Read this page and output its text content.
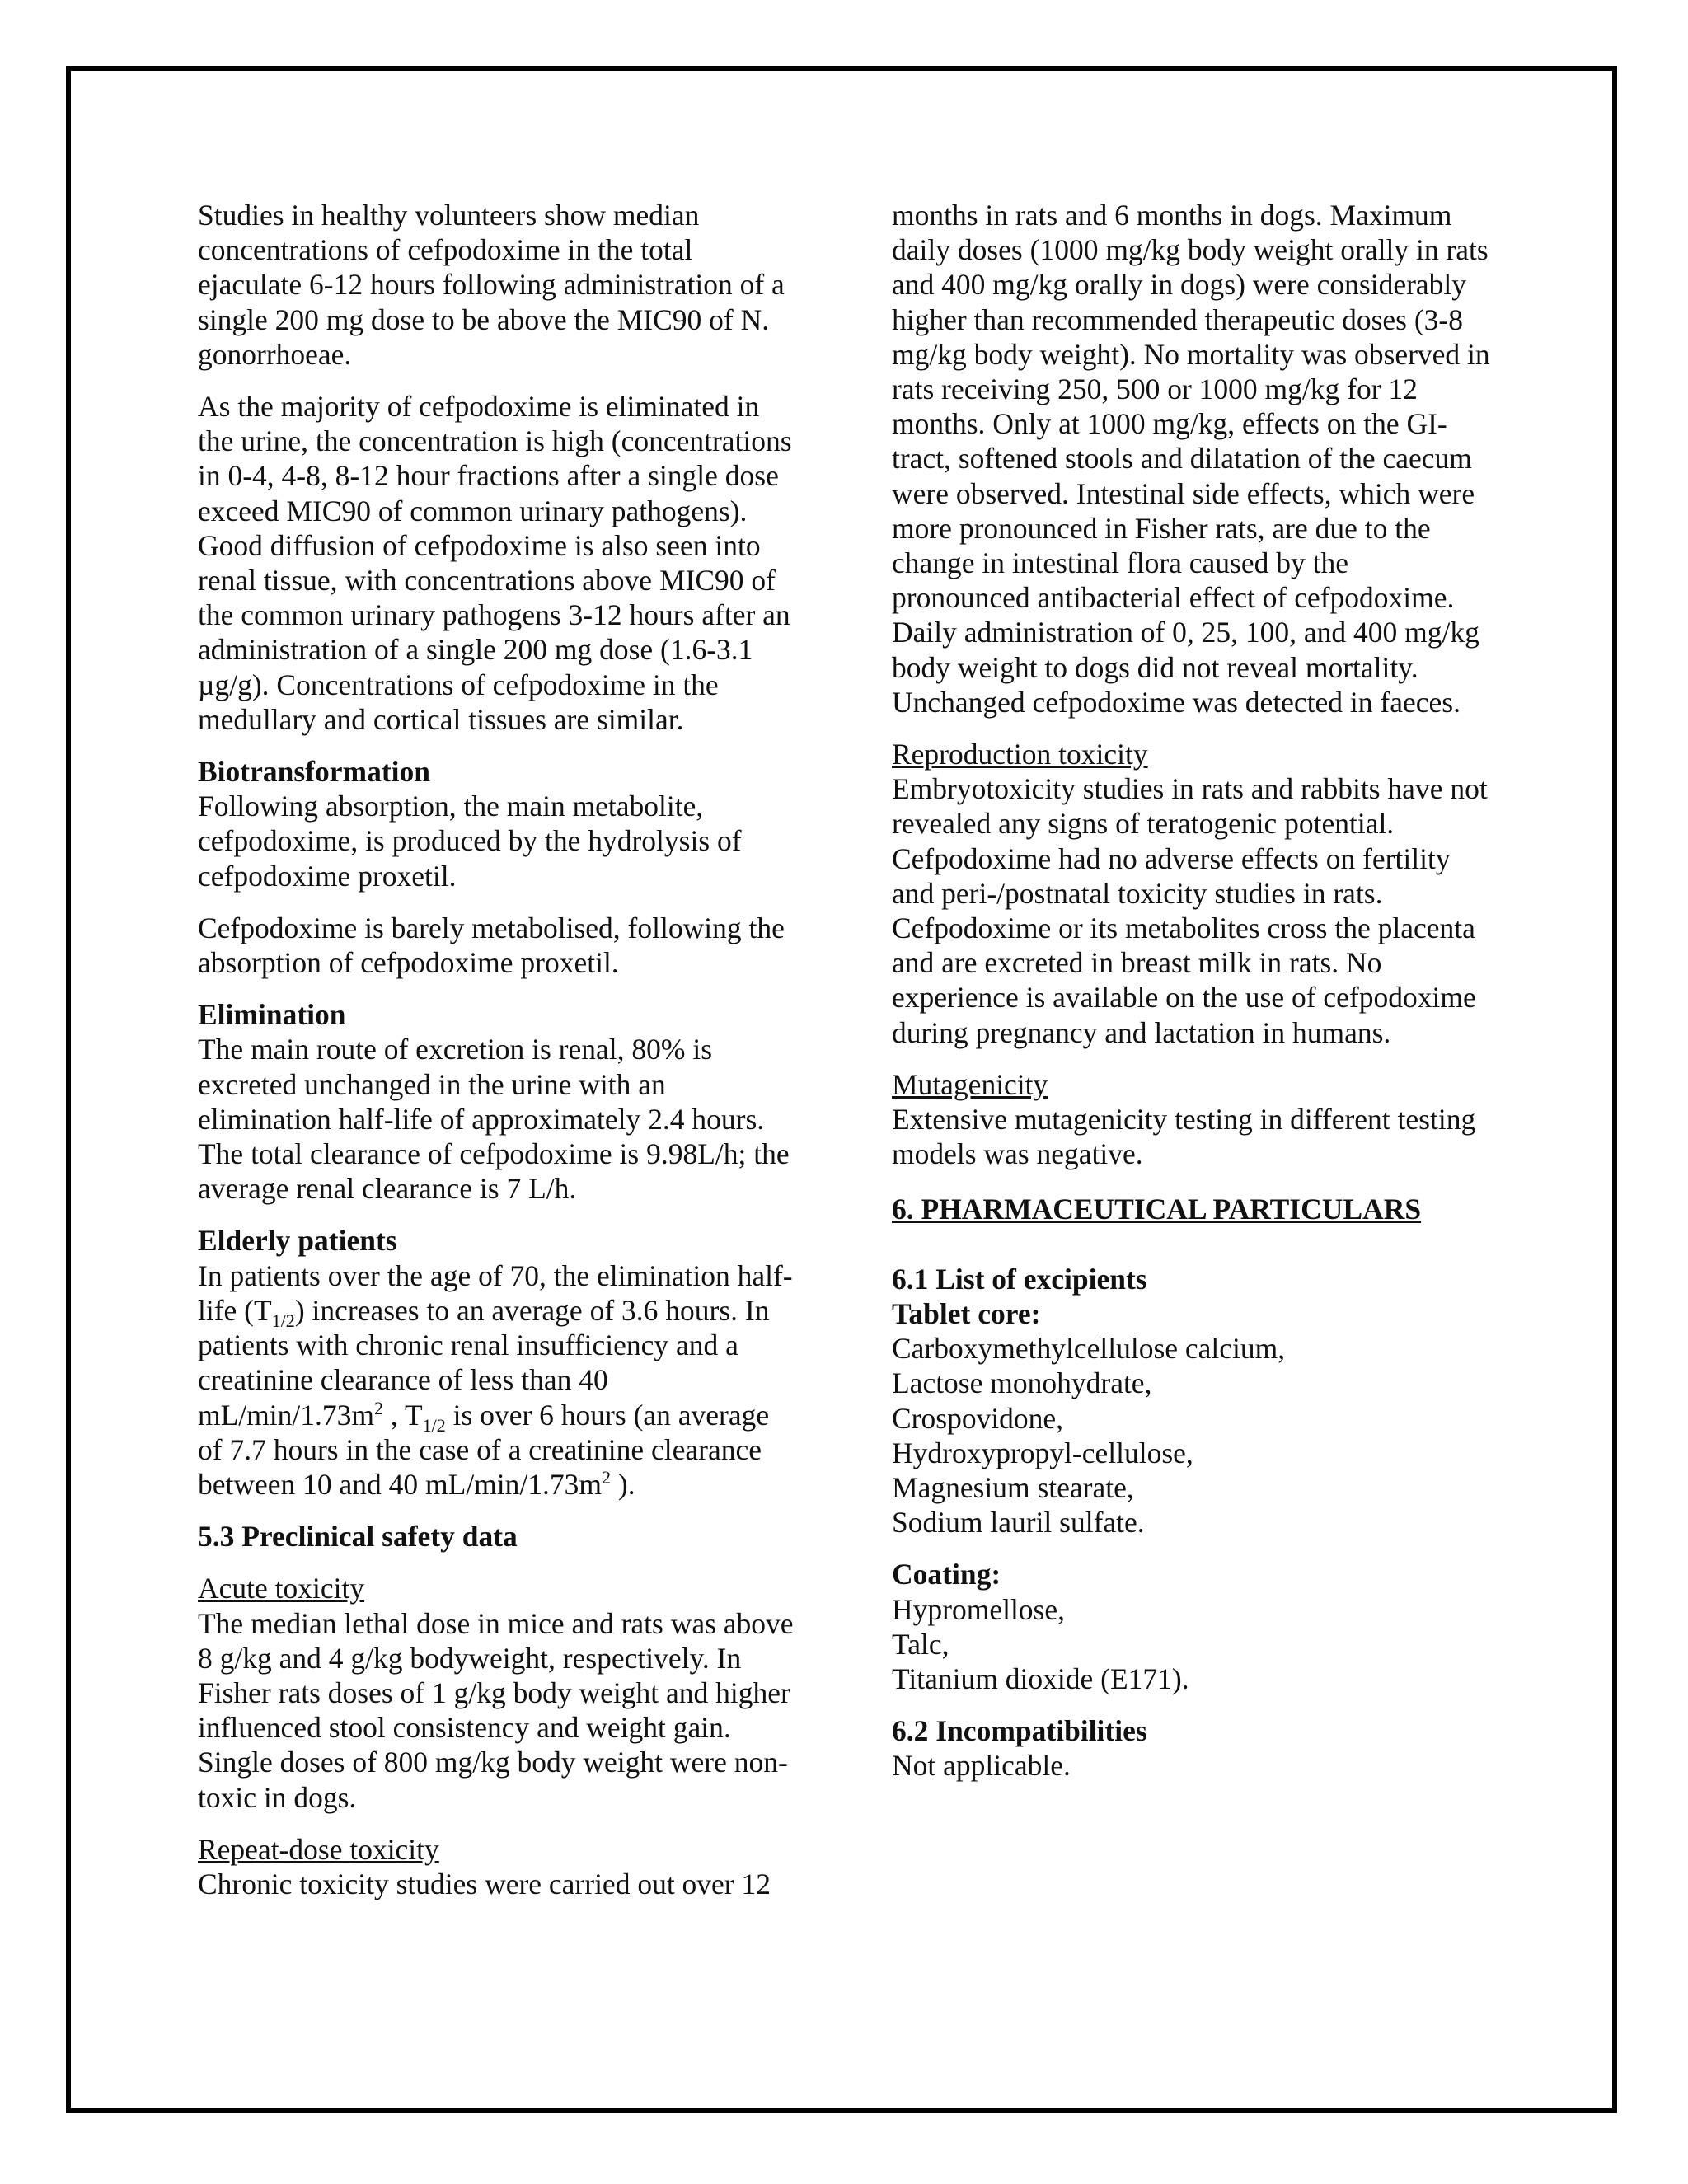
Studies in healthy volunteers show median concentrations of cefpodoxime in the total ejaculate 6-12 hours following administration of a single 200 mg dose to be above the MIC90 of N. gonorrhoeae.

As the majority of cefpodoxime is eliminated in the urine, the concentration is high (concentrations in 0-4, 4-8, 8-12 hour fractions after a single dose exceed MIC90 of common urinary pathogens). Good diffusion of cefpodoxime is also seen into renal tissue, with concentrations above MIC90 of the common urinary pathogens 3-12 hours after an administration of a single 200 mg dose (1.6-3.1 µg/g). Concentrations of cefpodoxime in the medullary and cortical tissues are similar.

Biotransformation

Following absorption, the main metabolite, cefpodoxime, is produced by the hydrolysis of cefpodoxime proxetil.

Cefpodoxime is barely metabolised, following the absorption of cefpodoxime proxetil.

Elimination

The main route of excretion is renal, 80% is excreted unchanged in the urine with an elimination half-life of approximately 2.4 hours. The total clearance of cefpodoxime is 9.98L/h; the average renal clearance is 7 L/h.

Elderly patients

In patients over the age of 70, the elimination half-life $(T_{1/2})$ increases to an average of 3.6 hours. In patients with chronic renal insufficiency and a creatinine clearance of less than 40 $mL/\min/1.73m^2$ , $T_{1/2}$ is over 6 hours (an average of 7.7 hours in the case of a creatinine clearance between 10 and 40 $mL/\min/1.73m^2$ ).

5.3 Preclinical safety data

Acute toxicity

The median lethal dose in mice and rats was above 8 g/kg and 4 g/kg bodyweight, respectively. In Fisher rats doses of 1 g/kg body weight and higher influenced stool consistency and weight gain. Single doses of 800 mg/kg body weight were non-toxic in dogs.

Repeat-dose toxicity

Chronic toxicity studies were carried out over 12

months in rats and 6 months in dogs. Maximum daily doses (1000 mg/kg body weight orally in rats and 400 mg/kg orally in dogs) were considerably higher than recommended therapeutic doses (3-8 mg/kg body weight). No mortality was observed in rats receiving 250, 500 or 1000 mg/kg for 12 months. Only at 1000 mg/kg, effects on the GI-tract, softened stools and dilatation of the caecum were observed. Intestinal side effects, which were more pronounced in Fisher rats, are due to the change in intestinal flora caused by the pronounced antibacterial effect of cefpodoxime. Daily administration of 0, 25, 100, and 400 mg/kg body weight to dogs did not reveal mortality. Unchanged cefpodoxime was detected in faeces.

Reproduction toxicity

Embryotoxicity studies in rats and rabbits have not revealed any signs of teratogenic potential. Cefpodoxime had no adverse effects on fertility and peri-/postnatal toxicity studies in rats. Cefpodoxime or its metabolites cross the placenta and are excreted in breast milk in rats. No experience is available on the use of cefpodoxime during pregnancy and lactation in humans.

Mutagenicity

Extensive mutagenicity testing in different testing models was negative.

6. PHARMACEUTICAL PARTICULARS

6.1 List of excipients

Tablet core:

Carboxymethylcellulose calcium,

Lactose monohydrate,

Crospovidone,

Hydroxypropyl-cellulose,

Magnesium stearate,

Sodium lauril sulfate.

Coating:

Hypromellose,

Talc,

Titanium dioxide (E171).

6.2 Incompatibilities

Not applicable.
